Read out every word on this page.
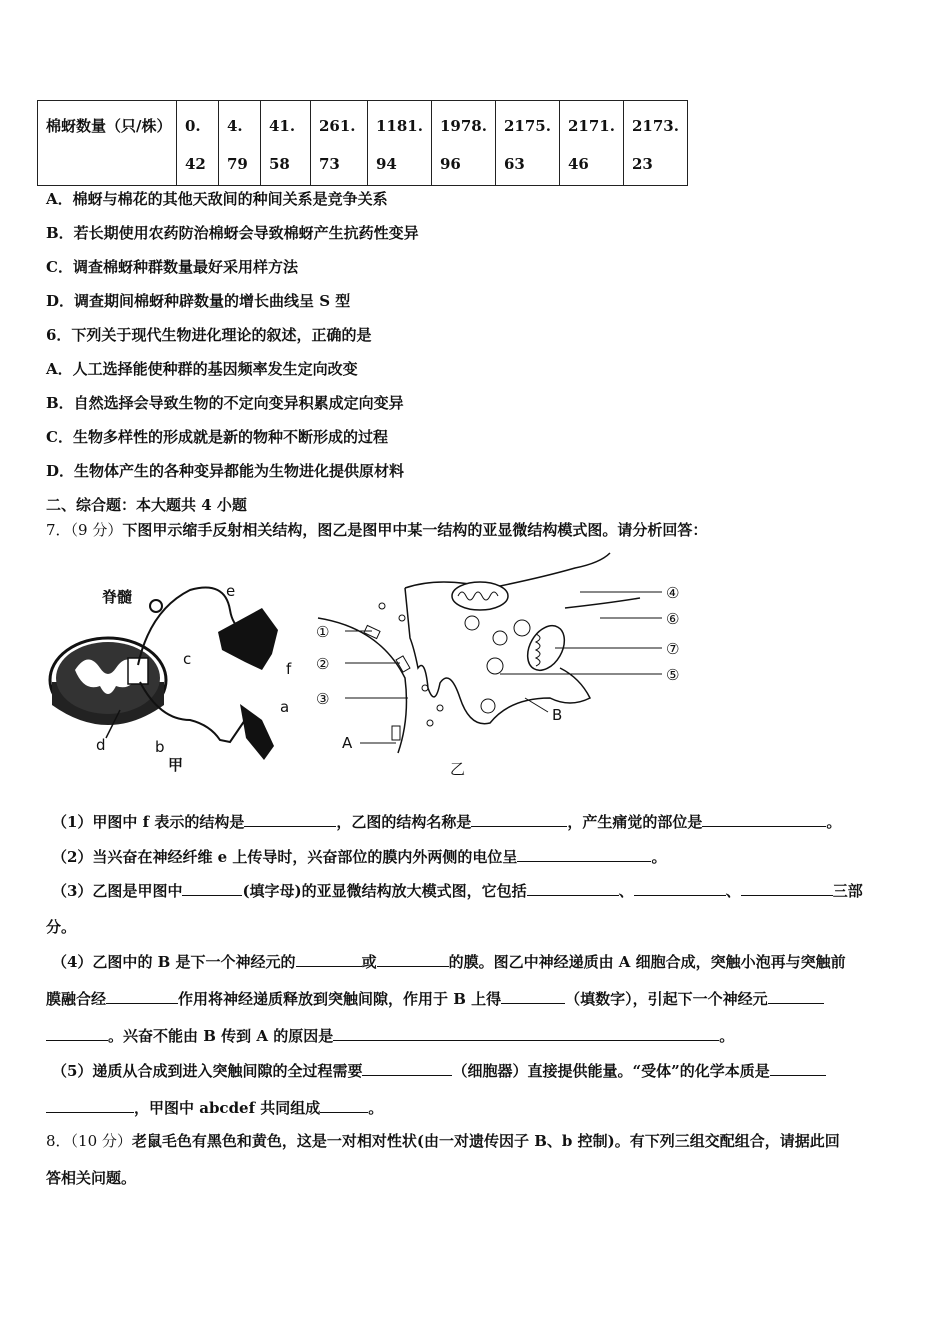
棉蚜数量（只/株）	0.42	4.79	41.58	261.73	1181.94	1978.96	2175.63	2171.46	2173.23
A．棉蚜与棉花的其他天敌间的种间关系是竞争关系
B．若长期使用农药防治棉蚜会导致棉蚜产生抗药性变异
C．调查棉蚜种群数量最好采用样方法
D．调查期间棉蚜种辟数量的增长曲线呈 S 型
6．下列关于现代生物进化理论的叙述，正确的是
A．人工选择能使种群的基因频率发生定向改变
B．自然选择会导致生物的不定向变异积累成定向变异
C．生物多样性的形成就是新的物种不断形成的过程
D．生物体产生的各种变异都能为生物进化提供原材料
二、综合题：本大题共 4 小题
7．（9 分）下图甲示缩手反射相关结构，图乙是图甲中某一结构的亚显微结构模式图。请分析回答：
脊髓
a
b
c
d
e
f
甲
①
②
③
④
⑥
⑦
⑤
A
B
乙
（1）甲图中 f 表示的结构是	，乙图的结构名称是	，产生痛觉的部位是	。
（2）当兴奋在神经纤维 e 上传导时，兴奋部位的膜内外两侧的电位呈	。
（3）乙图是甲图中	(填字母)的亚显微结构放大模式图，它包括	、	、	三部
分。
（4）乙图中的 B 是下一个神经元的	或	的膜。图乙中神经递质由 A 细胞合成，突触小泡再与突触前
膜融合经	作用将神经递质释放到突触间隙，作用于 B 上得	（填数字），引起下一个神经元
。兴奋不能由 B 传到 A 的原因是	。
（5）递质从合成到进入突触间隙的全过程需要	（细胞器）直接提供能量。“受体”的化学本质是
，甲图中 abcdef 共同组成	。
8．（10 分）老鼠毛色有黑色和黄色，这是一对相对性状(由一对遗传因子 B、b 控制)。有下列三组交配组合，请据此回
答相关问题。
